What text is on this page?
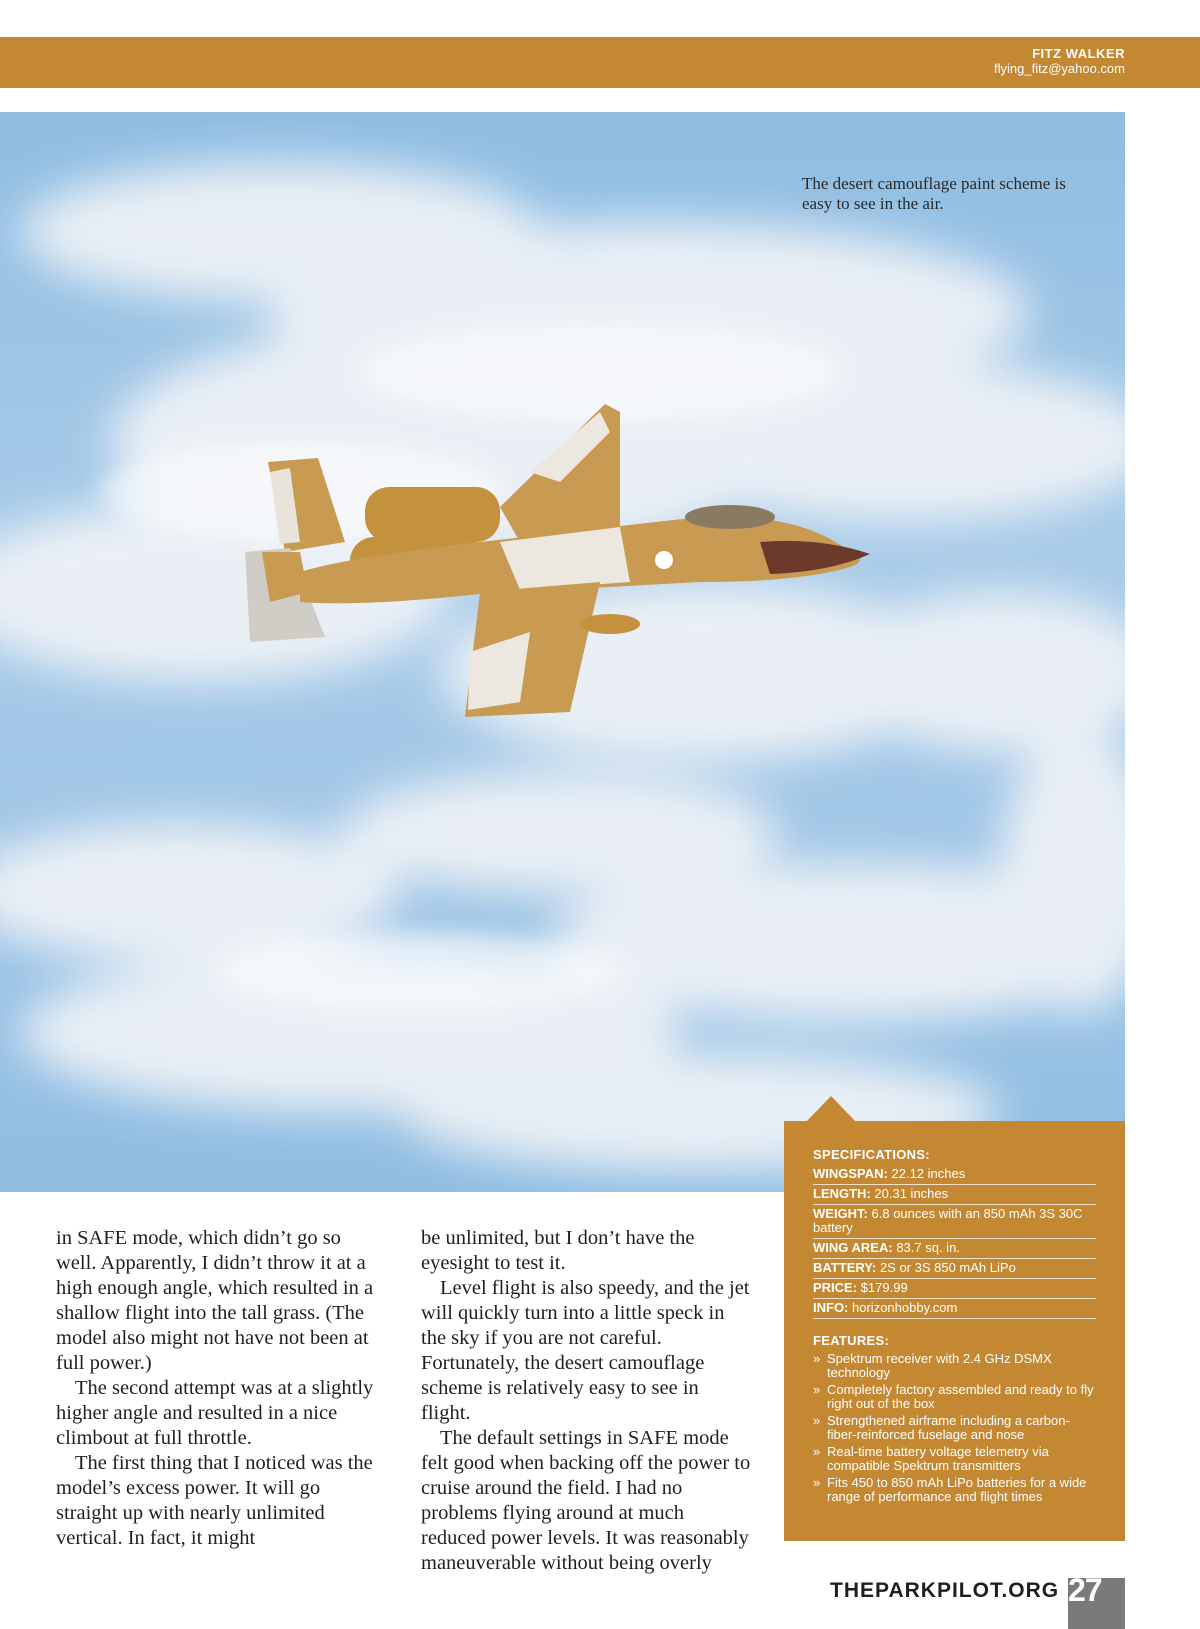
FITZ WALKER
flying_fitz@yahoo.com
The desert camouflage paint scheme is easy to see in the air.

in SAFE mode, which didn’t go so well. Apparently, I didn’t throw it at a high enough angle, which resulted in a shallow flight into the tall grass. (The model also might not have not been at full power.)

The second attempt was at a slightly higher angle and resulted in a nice climbout at full throttle.

The first thing that I noticed was the model’s excess power. It will go straight up with nearly unlimited vertical. In fact, it might

be unlimited, but I don’t have the eyesight to test it.

Level flight is also speedy, and the jet will quickly turn into a little speck in the sky if you are not careful. Fortunately, the desert camouflage scheme is relatively easy to see in flight.

The default settings in SAFE mode felt good when backing off the power to cruise around the field. I had no problems flying around at much reduced power levels. It was reasonably maneuverable without being overly

SPECIFICATIONS:
WINGSPAN: 22.12 inches
LENGTH: 20.31 inches
WEIGHT: 6.8 ounces with an 850 mAh 3S 30C battery
WING AREA: 83.7 sq. in.
BATTERY: 2S or 3S 850 mAh LiPo
PRICE: $179.99
INFO: horizonhobby.com
FEATURES:
» Spektrum receiver with 2.4 GHz DSMX technology
» Completely factory assembled and ready to fly right out of the box
» Strengthened airframe including a carbon-fiber-reinforced fuselage and nose
» Real-time battery voltage telemetry via compatible Spektrum transmitters
» Fits 450 to 850 mAh LiPo batteries for a wide range of performance and flight times
THEPARKPILOT.ORG 27
